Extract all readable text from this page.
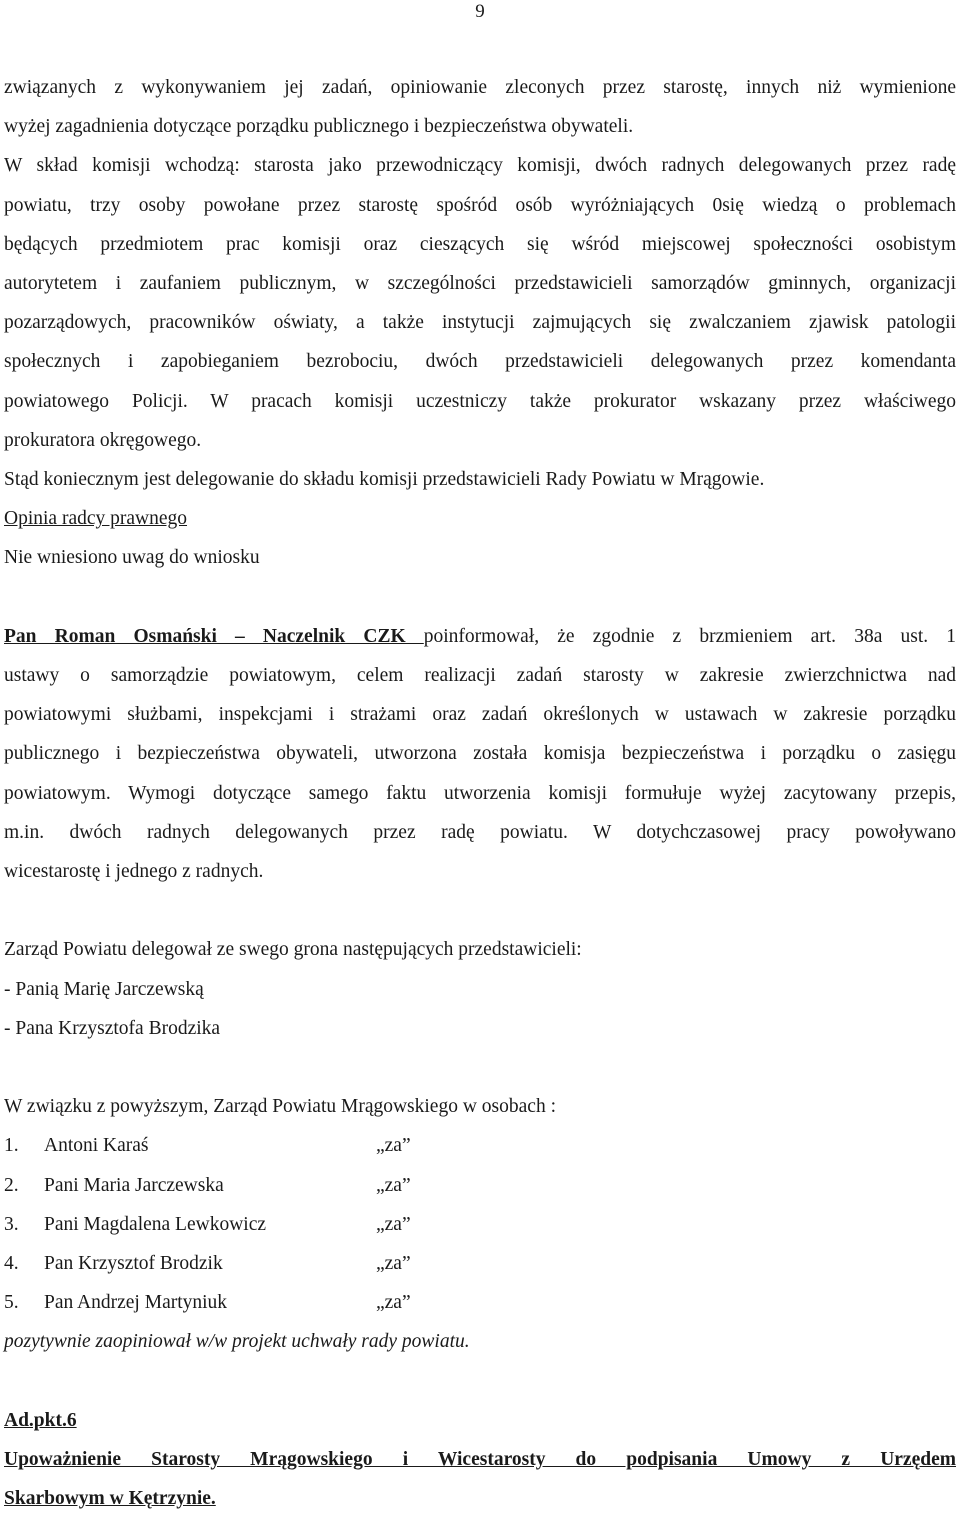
9

związanych z wykonywaniem jej zadań, opiniowanie zleconych przez starostę, innych niż wymienione

wyżej zagadnienia dotyczące porządku publicznego i bezpieczeństwa obywateli.

W skład komisji wchodzą: starosta jako przewodniczący komisji, dwóch radnych delegowanych przez radę

powiatu, trzy osoby powołane przez starostę spośród osób wyróżniających 0się wiedzą o problemach

będących przedmiotem prac komisji oraz cieszących się wśród miejscowej społeczności osobistym

autorytetem i zaufaniem publicznym, w szczególności przedstawicieli samorządów gminnych, organizacji

pozarządowych, pracowników oświaty, a także instytucji zajmujących się zwalczaniem zjawisk patologii

społecznych i zapobieganiem bezrobociu, dwóch przedstawicieli delegowanych przez komendanta

powiatowego Policji. W pracach komisji uczestniczy także prokurator wskazany przez właściwego

prokuratora okręgowego.

Stąd koniecznym jest delegowanie do składu komisji przedstawicieli Rady Powiatu w Mrągowie.

Opinia radcy prawnego

Nie wniesiono uwag do wniosku

Pan Roman Osmański – Naczelnik CZK poinformował, że zgodnie z brzmieniem art. 38a ust. 1

ustawy o samorządzie powiatowym, celem realizacji zadań starosty w zakresie zwierzchnictwa nad

powiatowymi służbami, inspekcjami i strażami oraz zadań określonych w ustawach w zakresie porządku

publicznego i bezpieczeństwa obywateli, utworzona została komisja bezpieczeństwa i porządku o zasięgu

powiatowym. Wymogi dotyczące samego faktu utworzenia komisji formułuje wyżej zacytowany przepis,

m.in. dwóch radnych delegowanych przez radę powiatu. W dotychczasowej pracy powoływano

wicestarostę i jednego z radnych.

Zarząd Powiatu delegował ze swego grona następujących przedstawicieli:

- Panią Marię Jarczewską

- Pana Krzysztofa Brodzika

W związku z powyższym, Zarząd Powiatu Mrągowskiego w osobach :

1.	Antoni Karaś	„za”
2.	Pani Maria Jarczewska	„za”
3.	Pani Magdalena Lewkowicz	„za”
4.	Pan Krzysztof Brodzik	„za”
5.	Pan Andrzej Martyniuk	„za”

pozytywnie zaopiniował w/w projekt uchwały rady powiatu.

Ad.pkt.6

Upoważnienie Starosty Mrągowskiego i Wicestarosty do podpisania Umowy z Urzędem

Skarbowym w Kętrzynie.
